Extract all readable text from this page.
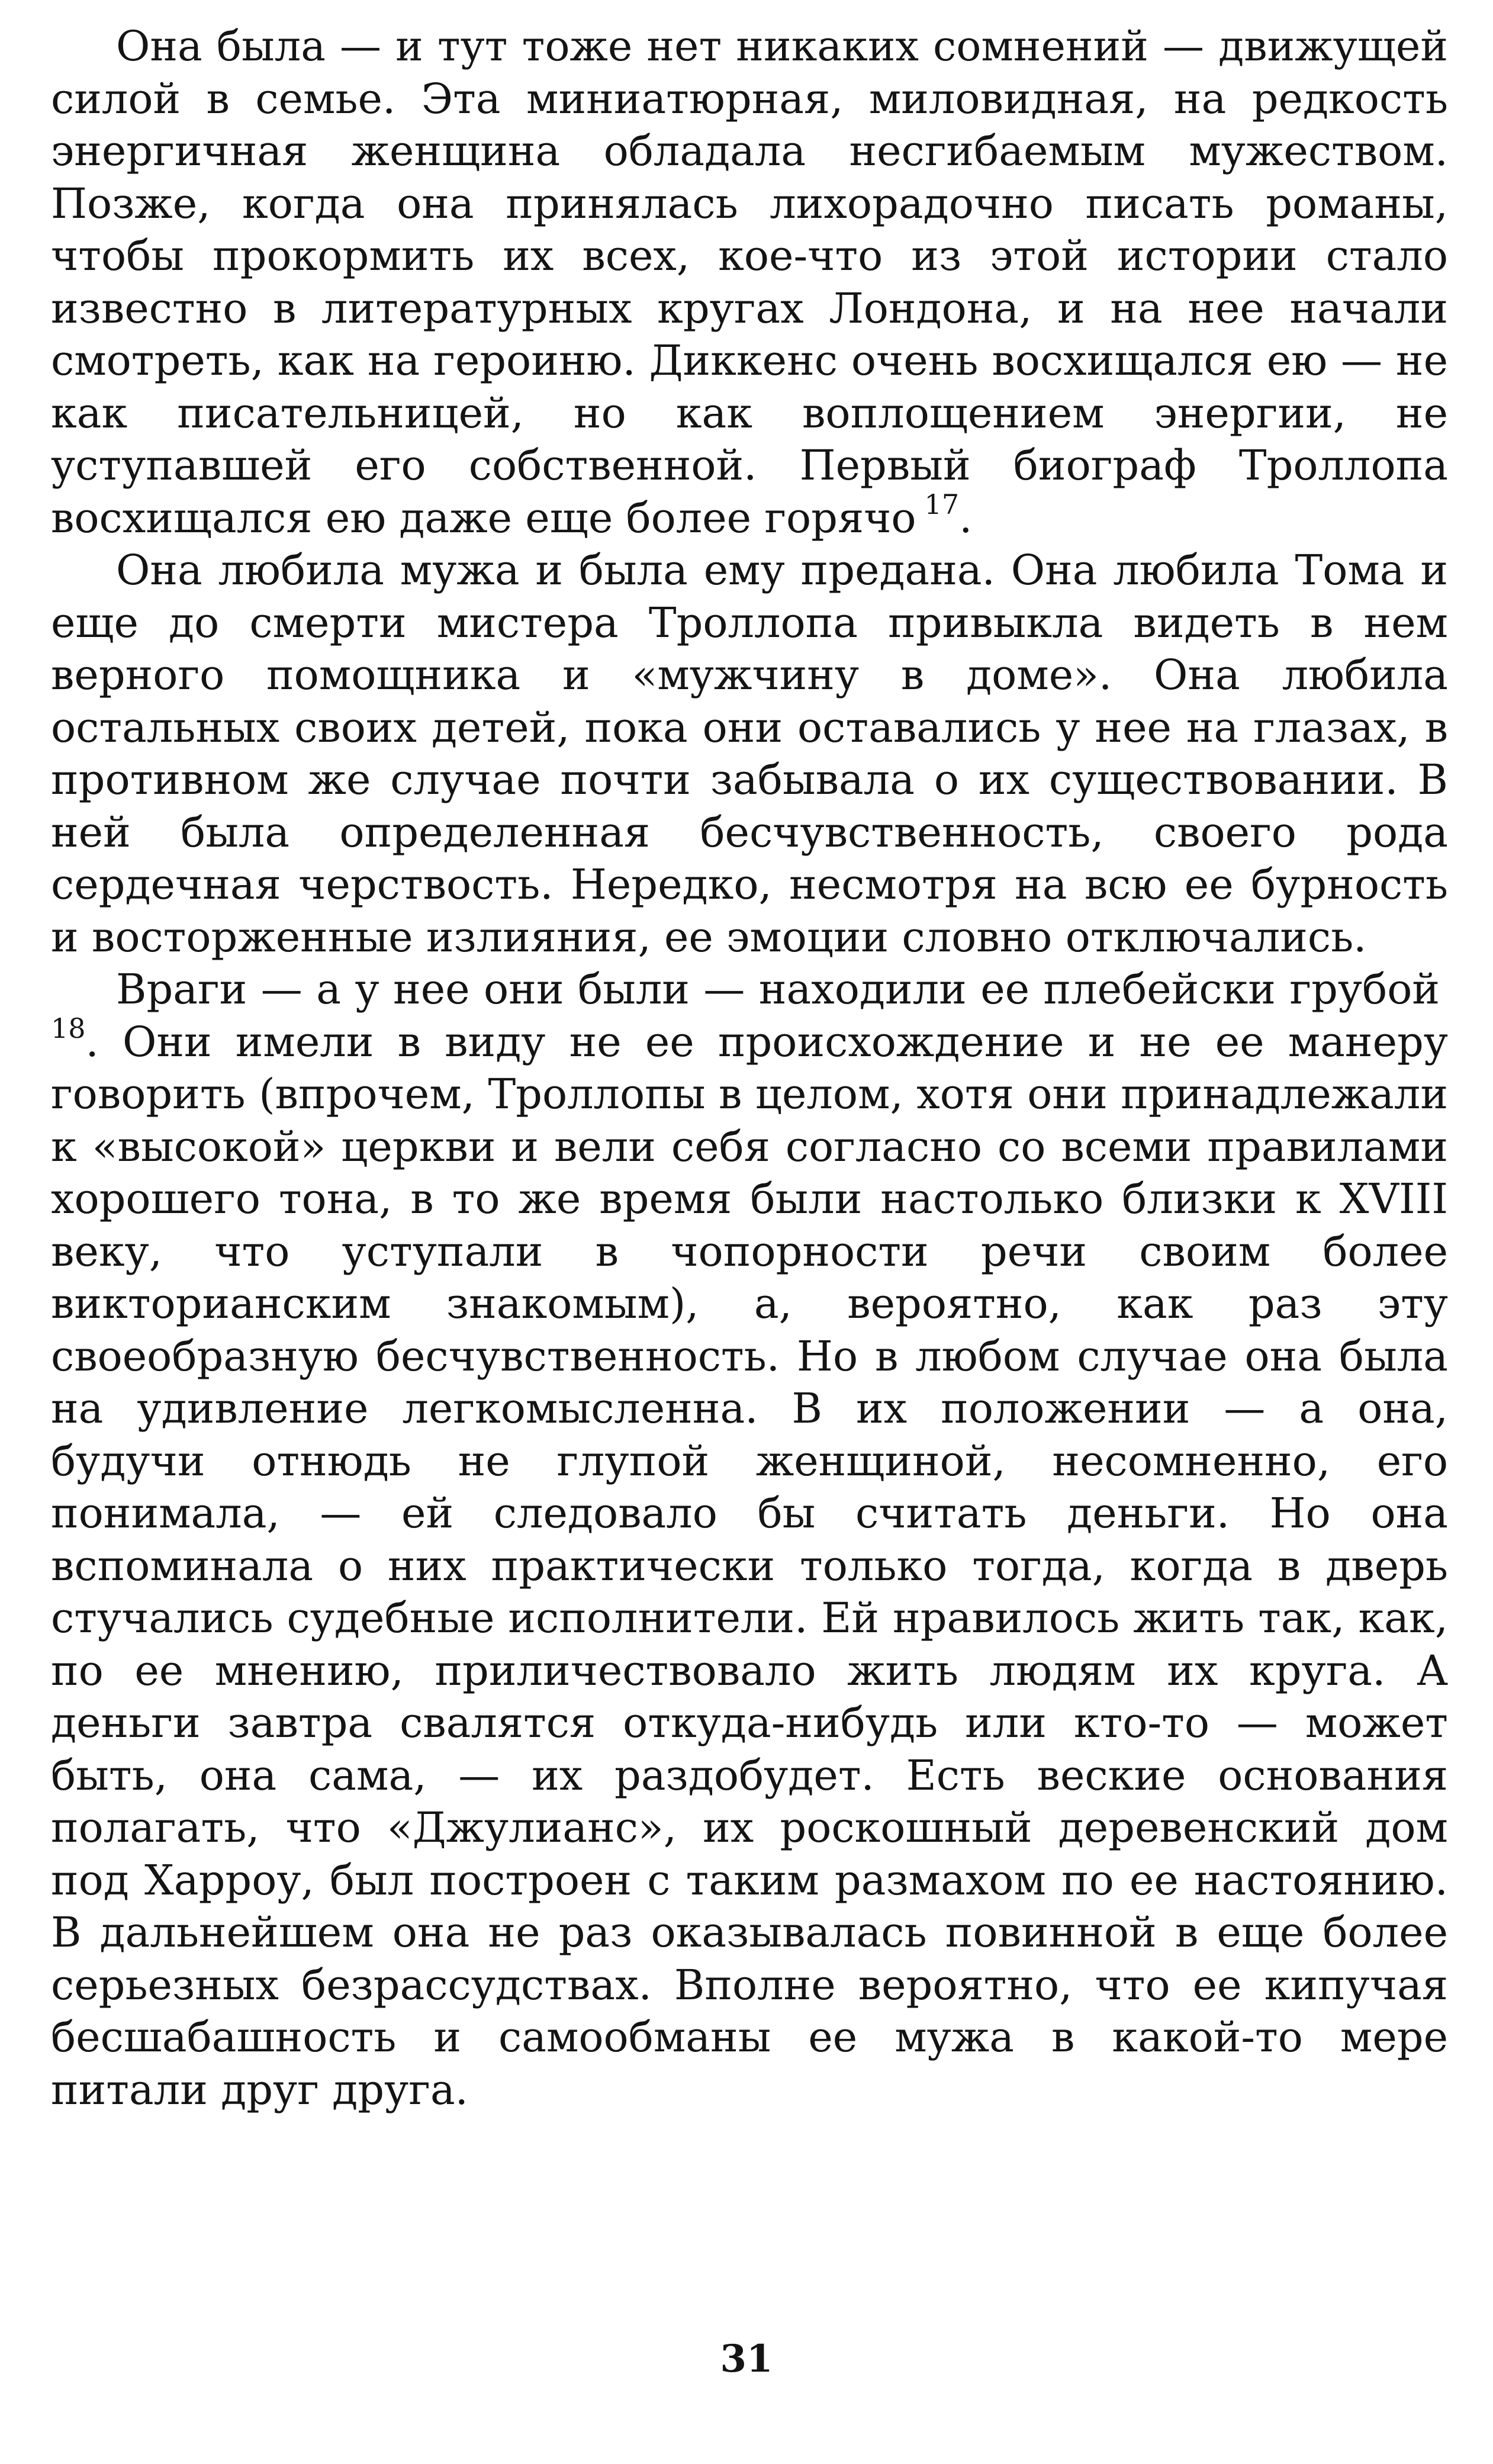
Она была — и тут тоже нет никаких сомнений — движущей силой в семье. Эта миниатюрная, миловидная, на редкость энергичная женщина обладала несгибаемым мужеством. Позже, когда она принялась лихорадочно писать романы, чтобы прокормить их всех, кое-что из этой истории стало известно в литературных кругах Лондона, и на нее начали смотреть, как на героиню. Диккенс очень восхищался ею — не как писательницей, но как воплощением энергии, не уступавшей его собственной. Первый биограф Троллопа восхищался ею даже еще более горячо  $^{17}$.

Она любила мужа и была ему предана. Она любила Тома и еще до смерти мистера Троллопа привыкла видеть в нем верного помощника и «мужчину в доме». Она любила остальных своих детей, пока они оставались у нее на глазах, в противном же случае почти забывала о их существовании. В ней была определенная бесчувственность, своего рода сердечная черствость. Нередко, несмотря на всю ее бурность и восторженные излияния, ее эмоции словно отключались.

Враги — а у нее они были — находили ее плебейски грубой $^{18}$. Они имели в виду не ее происхождение и не ее манеру говорить (впрочем, Троллопы в целом, хотя они принадлежали к «высокой» церкви и вели себя согласно со всеми правилами хорошего тона, в то же время были настолько близки к XVIII веку, что уступали в чопорности речи своим более викторианским знакомым), а, вероятно, как раз эту своеобразную бесчувственность. Но в любом случае она была на удивление легкомысленна. В их положении — а она, будучи отнюдь не глупой женщиной, несомненно, его понимала, — ей следовало бы считать деньги. Но она вспоминала о них практически только тогда, когда в дверь стучались судебные исполнители. Ей нравилось жить так, как, по ее мнению, приличествовало жить людям их круга. А деньги завтра свалятся откуда-нибудь или кто-то — может быть, она сама, — их раздобудет. Есть веские основания полагать, что «Джулианс», их роскошный деревенский дом под Харроу, был построен с таким размахом по ее настоянию. В дальнейшем она не раз оказывалась повинной в еще более серьезных безрассудствах. Вполне вероятно, что ее кипучая бесшабашность и самообманы ее мужа в какой-то мере питали друг друга.

31
